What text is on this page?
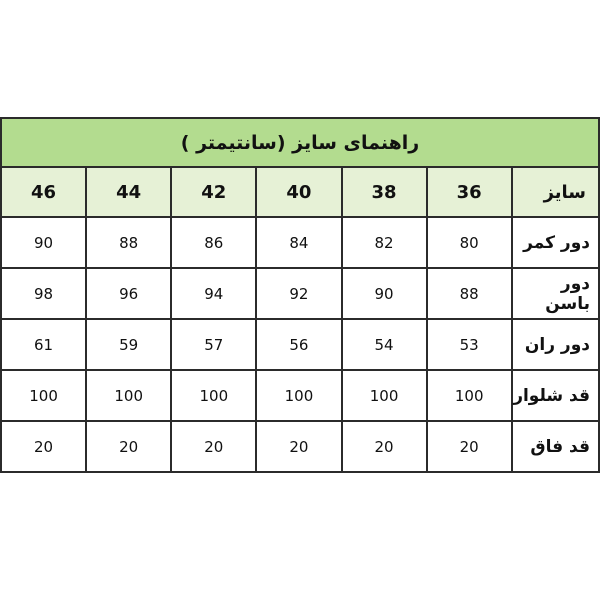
راهنمای سایز (سانتیمتر )						
46	44	42	40	38	36	سایز
90	88	86	84	82	80	دور کمر
98	96	94	92	90	88	دور باسن
61	59	57	56	54	53	دور ران
100	100	100	100	100	100	قد شلوار
20	20	20	20	20	20	قد فاق
